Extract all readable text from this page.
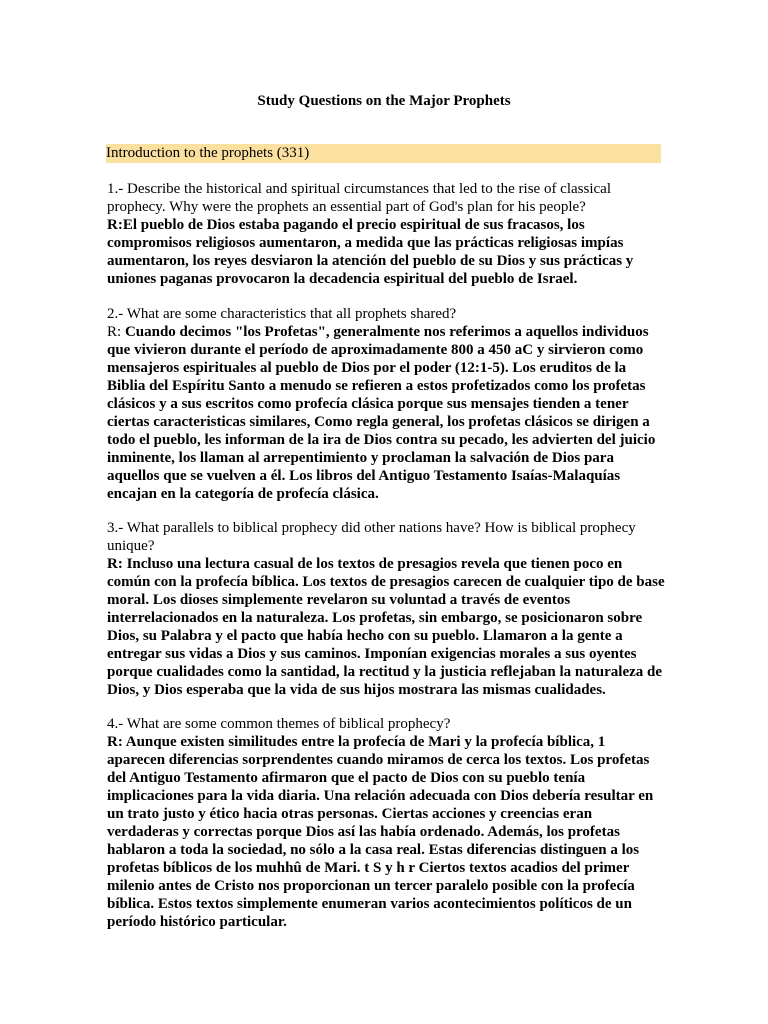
Study Questions on the Major Prophets
Introduction to the prophets (331)

1.- Describe the historical and spiritual circumstances that led to the rise of classical prophecy. Why were the prophets an essential part of God's plan for his people?

R:El pueblo de Dios estaba pagando el precio espiritual de sus fracasos, los compromisos religiosos aumentaron, a medida que las prácticas religiosas impías aumentaron, los reyes desviaron la atención del pueblo de su Dios y sus prácticas y uniones paganas provocaron la decadencia espiritual del pueblo de Israel.

2.- What are some characteristics that all prophets shared?

R: Cuando decimos "los Profetas", generalmente nos referimos a aquellos individuos que vivieron durante el período de aproximadamente 800 a 450 aC y sirvieron como mensajeros espirituales al pueblo de Dios por el poder (12:1-5). Los eruditos de la Biblia del Espíritu Santo a menudo se refieren a estos profetizados como los profetas clásicos y a sus escritos como profecía clásica porque sus mensajes tienden a tener ciertas caracteristicas similares, Como regla general, los profetas clásicos se dirigen a todo el pueblo, les informan de la ira de Dios contra su pecado, les advierten del juicio inminente, los llaman al arrepentimiento y proclaman la salvación de Dios para aquellos que se vuelven a él. Los libros del Antiguo Testamento Isaías-Malaquías encajan en la categoría de profecía clásica.

3.- What parallels to biblical prophecy did other nations have? How is biblical prophecy unique?

R: Incluso una lectura casual de los textos de presagios revela que tienen poco en común con la profecía bíblica. Los textos de presagios carecen de cualquier tipo de base moral. Los dioses simplemente revelaron su voluntad a través de eventos interrelacionados en la naturaleza. Los profetas, sin embargo, se posicionaron sobre Dios, su Palabra y el pacto que había hecho con su pueblo. Llamaron a la gente a entregar sus vidas a Dios y sus caminos. Imponían exigencias morales a sus oyentes porque cualidades como la santidad, la rectitud y la justicia reflejaban la naturaleza de Dios, y Dios esperaba que la vida de sus hijos mostrara las mismas cualidades.

4.- What are some common themes of biblical prophecy?

R: Aunque existen similitudes entre la profecía de Mari y la profecía bíblica, 1 aparecen diferencias sorprendentes cuando miramos de cerca los textos. Los profetas del Antiguo Testamento afirmaron que el pacto de Dios con su pueblo tenía implicaciones para la vida diaria. Una relación adecuada con Dios debería resultar en un trato justo y ético hacia otras personas. Ciertas acciones y creencias eran verdaderas y correctas porque Dios así las había ordenado. Además, los profetas hablaron a toda la sociedad, no sólo a la casa real. Estas diferencias distinguen a los profetas bíblicos de los muhhû de Mari. t S y h r Ciertos textos acadios del primer milenio antes de Cristo nos proporcionan un tercer paralelo posible con la profecía bíblica. Estos textos simplemente enumeran varios acontecimientos políticos de un período histórico particular.
